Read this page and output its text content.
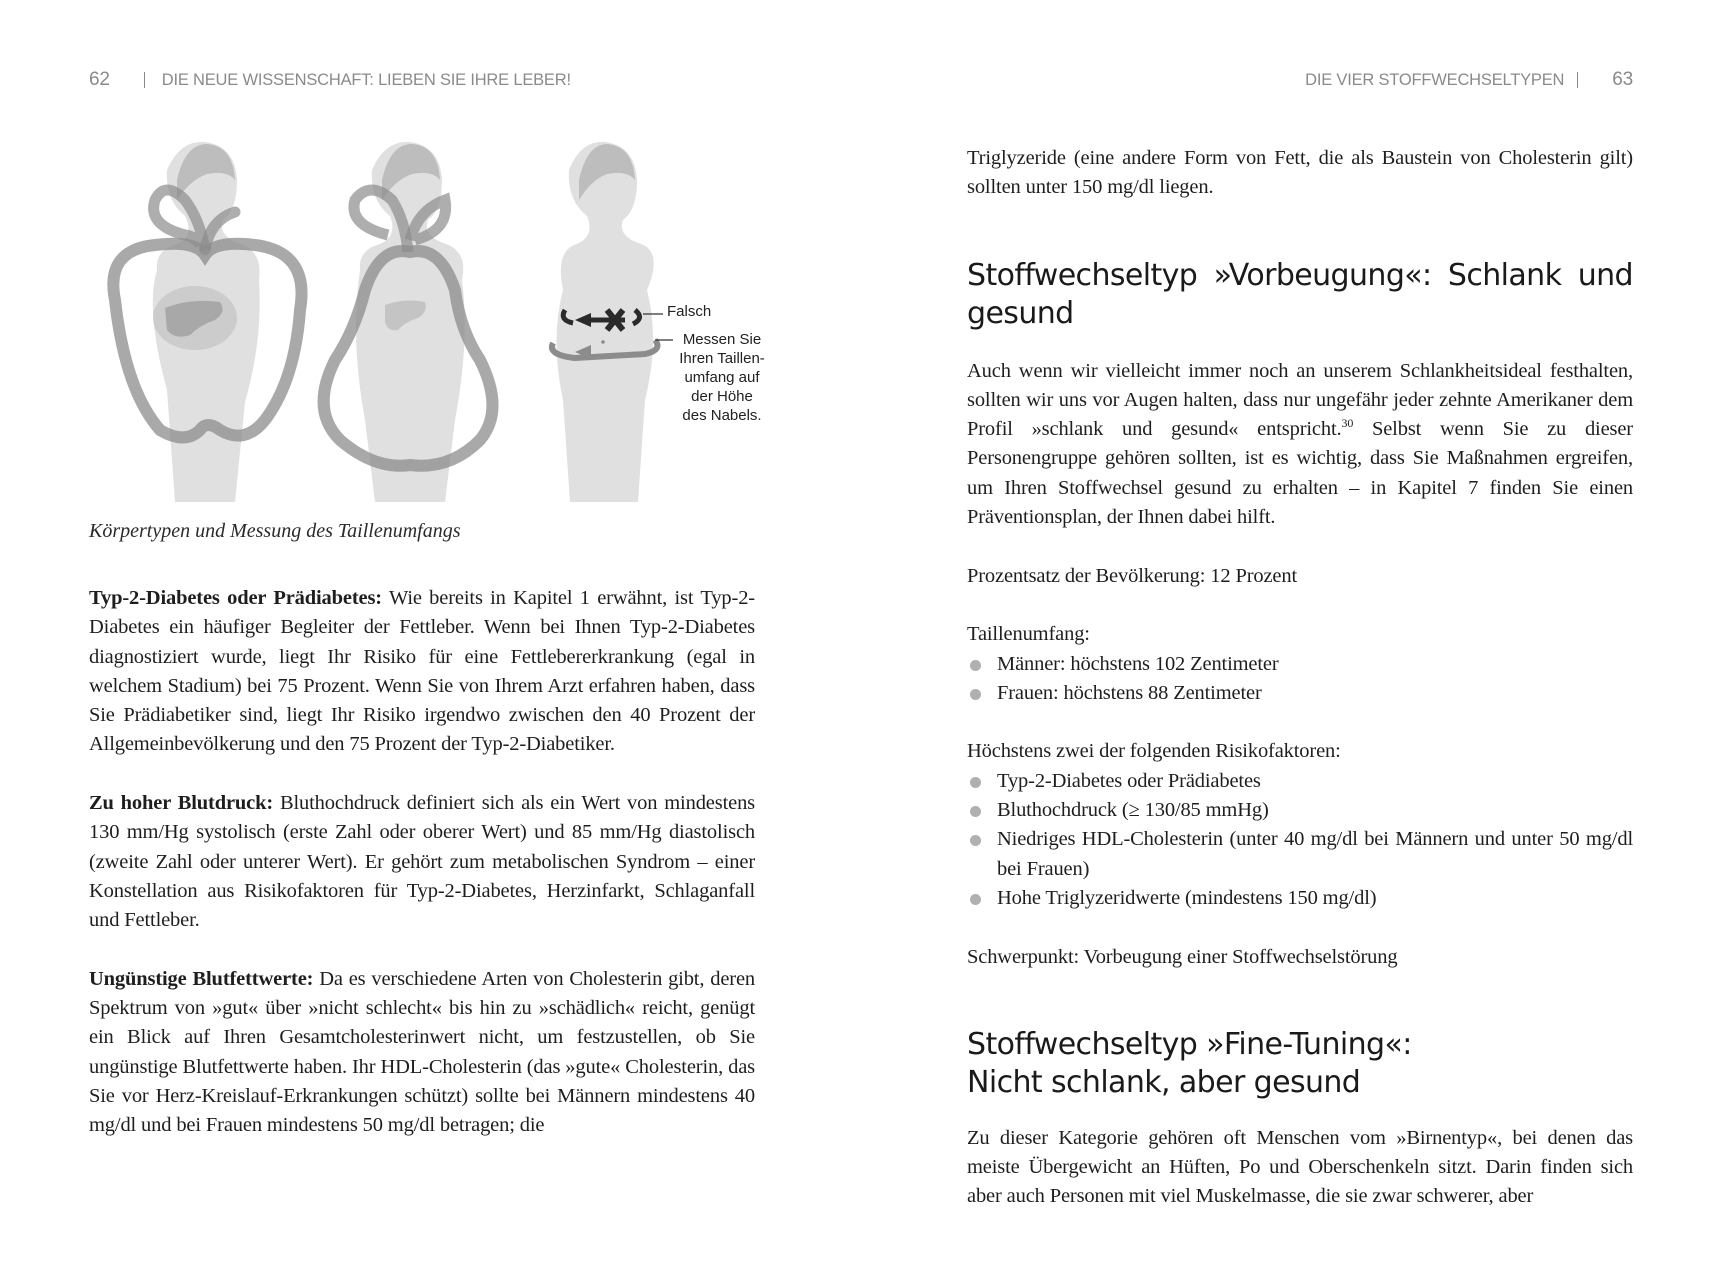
62	DIE NEUE WISSENSCHAFT: LIEBEN SIE IHRE LEBER!
Falsch
Messen Sie
Ihren Taillen-
umfang auf
der Höhe
des Nabels.
Körpertypen und Messung des Taillenumfangs

Typ-2-Diabetes oder Prädiabetes: Wie bereits in Kapitel 1 erwähnt, ist Typ-2-Diabetes ein häufiger Begleiter der Fettleber. Wenn bei Ihnen Typ-2-Diabetes diagnostiziert wurde, liegt Ihr Risiko für eine Fettlebererkrankung (egal in welchem Stadium) bei 75 Prozent. Wenn Sie von Ihrem Arzt erfahren haben, dass Sie Prädiabetiker sind, liegt Ihr Risiko irgendwo zwischen den 40 Prozent der Allgemeinbevölkerung und den 75 Prozent der Typ-2-Diabetiker.

Zu hoher Blutdruck: Bluthochdruck definiert sich als ein Wert von mindestens 130 mm/Hg systolisch (erste Zahl oder oberer Wert) und 85 mm/Hg diastolisch (zweite Zahl oder unterer Wert). Er gehört zum metabolischen Syndrom – einer Konstellation aus Risikofaktoren für Typ-2-Diabetes, Herzinfarkt, Schlaganfall und Fettleber.

Ungünstige Blutfettwerte: Da es verschiedene Arten von Cholesterin gibt, deren Spektrum von »gut« über »nicht schlecht« bis hin zu »schädlich« reicht, genügt ein Blick auf Ihren Gesamtcholesterinwert nicht, um festzustellen, ob Sie ungünstige Blutfettwerte haben. Ihr HDL-Cholesterin (das »gute« Cholesterin, das Sie vor Herz-Kreislauf-Erkrankungen schützt) sollte bei Männern mindestens 40 mg/dl und bei Frauen mindestens 50 mg/dl betragen; die

DIE VIER STOFFWECHSELTYPEN	63

Triglyzeride (eine andere Form von Fett, die als Baustein von Cholesterin gilt) sollten unter 150 mg/dl liegen.

Stoffwechseltyp »Vorbeugung«: Schlank und gesund

Auch wenn wir vielleicht immer noch an unserem Schlankheitsideal festhalten, sollten wir uns vor Augen halten, dass nur ungefähr jeder zehnte Amerikaner dem Profil »schlank und gesund« entspricht.$^{30}$ Selbst wenn Sie zu dieser Personengruppe gehören sollten, ist es wichtig, dass Sie Maßnahmen ergreifen, um Ihren Stoffwechsel gesund zu erhalten – in Kapitel 7 finden Sie einen Präventionsplan, der Ihnen dabei hilft.

Prozentsatz der Bevölkerung: 12 Prozent

Taillenumfang:
Männer: höchstens 102 Zentimeter
Frauen: höchstens 88 Zentimeter
Höchstens zwei der folgenden Risikofaktoren:
Typ-2-Diabetes oder Prädiabetes
Bluthochdruck (≥ 130/85 mmHg)
Niedriges HDL-Cholesterin (unter 40 mg/dl bei Männern und unter 50 mg/dl bei Frauen)
Hohe Triglyzeridwerte (mindestens 150 mg/dl)

Schwerpunkt: Vorbeugung einer Stoffwechselstörung

Stoffwechseltyp »Fine-Tuning«:
Nicht schlank, aber gesund

Zu dieser Kategorie gehören oft Menschen vom »Birnentyp«, bei denen das meiste Übergewicht an Hüften, Po und Oberschenkeln sitzt. Darin finden sich aber auch Personen mit viel Muskelmasse, die sie zwar schwerer, aber
